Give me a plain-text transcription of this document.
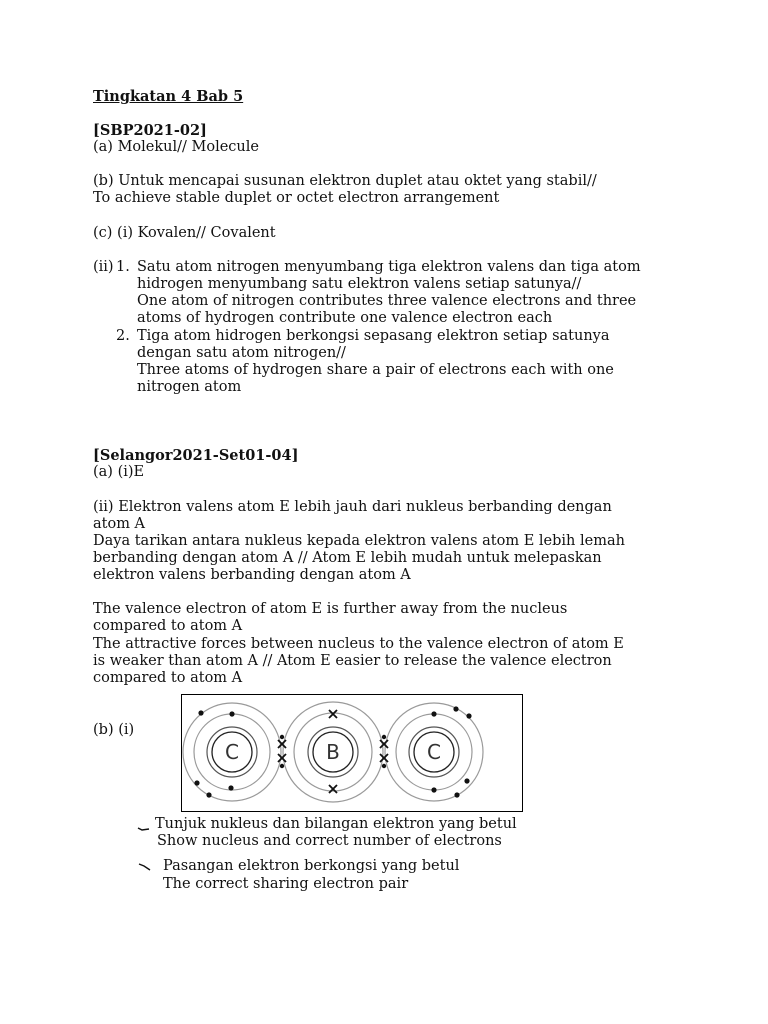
Tingkatan 4 Bab 5
[SBP2021-02]
(a) Molekul// Molecule
(b) Untuk mencapai susunan elektron duplet atau oktet yang stabil//
To achieve stable duplet or octet electron arrangement
(c) (i) Kovalen// Covalent
(ii) 1. Satu atom nitrogen menyumbang tiga elektron valens dan tiga atom
hidrogen menyumbang satu elektron valens setiap satunya//
One atom of nitrogen contributes three valence electrons and three
atoms of hydrogen contribute one valence electron each
2. Tiga atom hidrogen berkongsi sepasang elektron setiap satunya
dengan satu atom nitrogen//
Three atoms of hydrogen share a pair of electrons each with one
nitrogen atom
[Selangor2021-Set01-04]
(a) (i)E
(ii) Elektron valens atom E lebih jauh dari nukleus berbanding dengan
atom A
Daya tarikan antara nukleus kepada elektron valens atom E lebih lemah
berbanding dengan atom A // Atom E lebih mudah untuk melepaskan
elektron valens berbanding dengan atom A
The valence electron of atom E is further away from the nucleus
compared to atom A
The attractive forces between nucleus to the valence electron of atom E
is weaker than atom A // Atom E easier to release the valence electron
compared to atom A
(b) (i)
C	B	C
Tunjuk nukleus dan bilangan elektron yang betul
Show nucleus and correct number of electrons
Pasangan elektron berkongsi yang betul
The correct sharing electron pair
